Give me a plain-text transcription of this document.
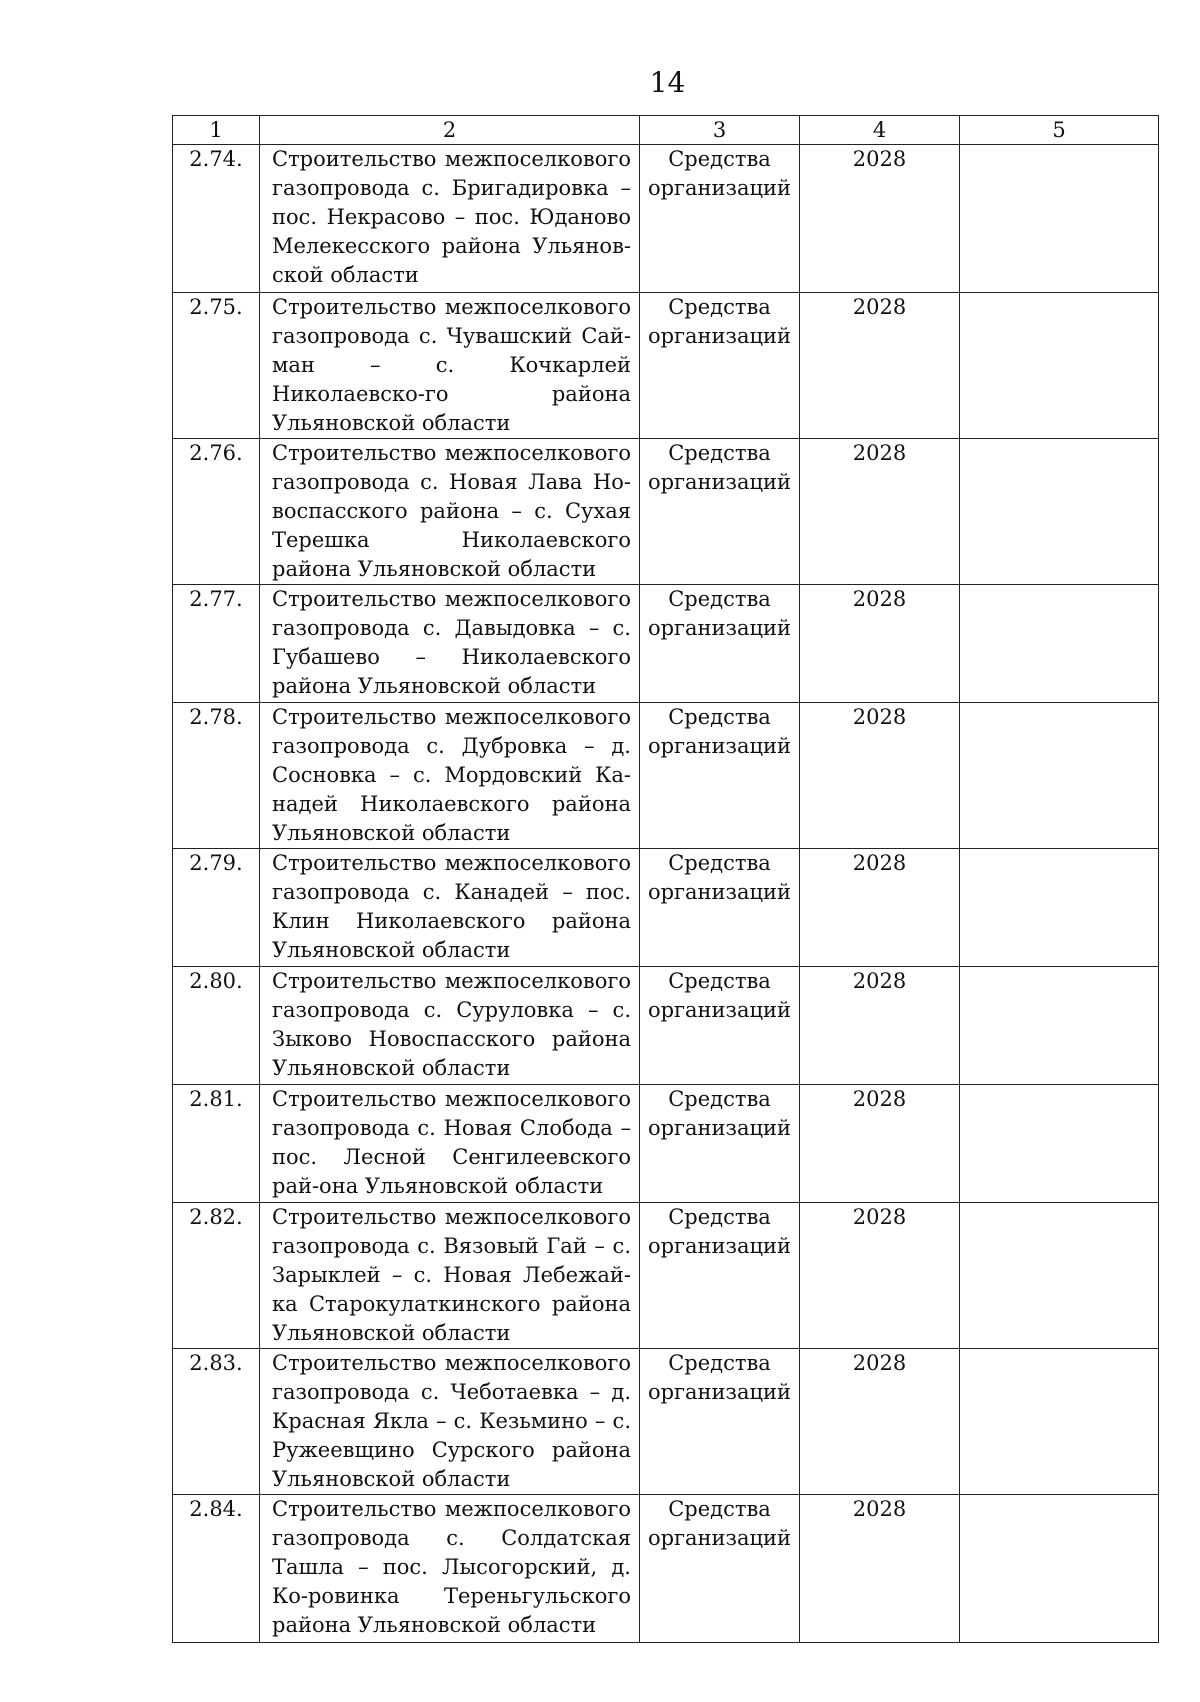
14
1	2	3	4	5
2.74.	Строительство межпоселкового газопровода с. Бригадировка – пос. Некрасово – пос. Юданово Мелекесского района Ульянов-ской области	Средства организаций	2028	
2.75.	Строительство межпоселкового газопровода с. Чувашский Сай-ман – с. Кочкарлей Николаевско-го района Ульяновской области	Средства организаций	2028	
2.76.	Строительство межпоселкового газопровода с. Новая Лава Но-воспасского района – с. Сухая Терешка Николаевского района Ульяновской области	Средства организаций	2028	
2.77.	Строительство межпоселкового газопровода с. Давыдовка – с. Губашево – Николаевского района Ульяновской области	Средства организаций	2028	
2.78.	Строительство межпоселкового газопровода с. Дубровка – д. Сосновка – с. Мордовский Ка-надей Николаевского района Ульяновской области	Средства организаций	2028	
2.79.	Строительство межпоселкового газопровода с. Канадей – пос. Клин Николаевского района Ульяновской области	Средства организаций	2028	
2.80.	Строительство межпоселкового газопровода с. Суруловка – с. Зыково Новоспасского района Ульяновской области	Средства организаций	2028	
2.81.	Строительство межпоселкового газопровода с. Новая Слобода – пос. Лесной Сенгилеевского рай-она Ульяновской области	Средства организаций	2028	
2.82.	Строительство межпоселкового газопровода с. Вязовый Гай – с. Зарыклей – с. Новая Лебежай-ка Старокулаткинского района Ульяновской области	Средства организаций	2028	
2.83.	Строительство межпоселкового газопровода с. Чеботаевка – д. Красная Якла – с. Кезьмино – с. Ружеевщино Сурского района Ульяновской области	Средства организаций	2028	
2.84.	Строительство межпоселкового газопровода с. Солдатская Ташла – пос. Лысогорский, д. Ко-ровинка Тереньгульского района Ульяновской области	Средства организаций	2028	
